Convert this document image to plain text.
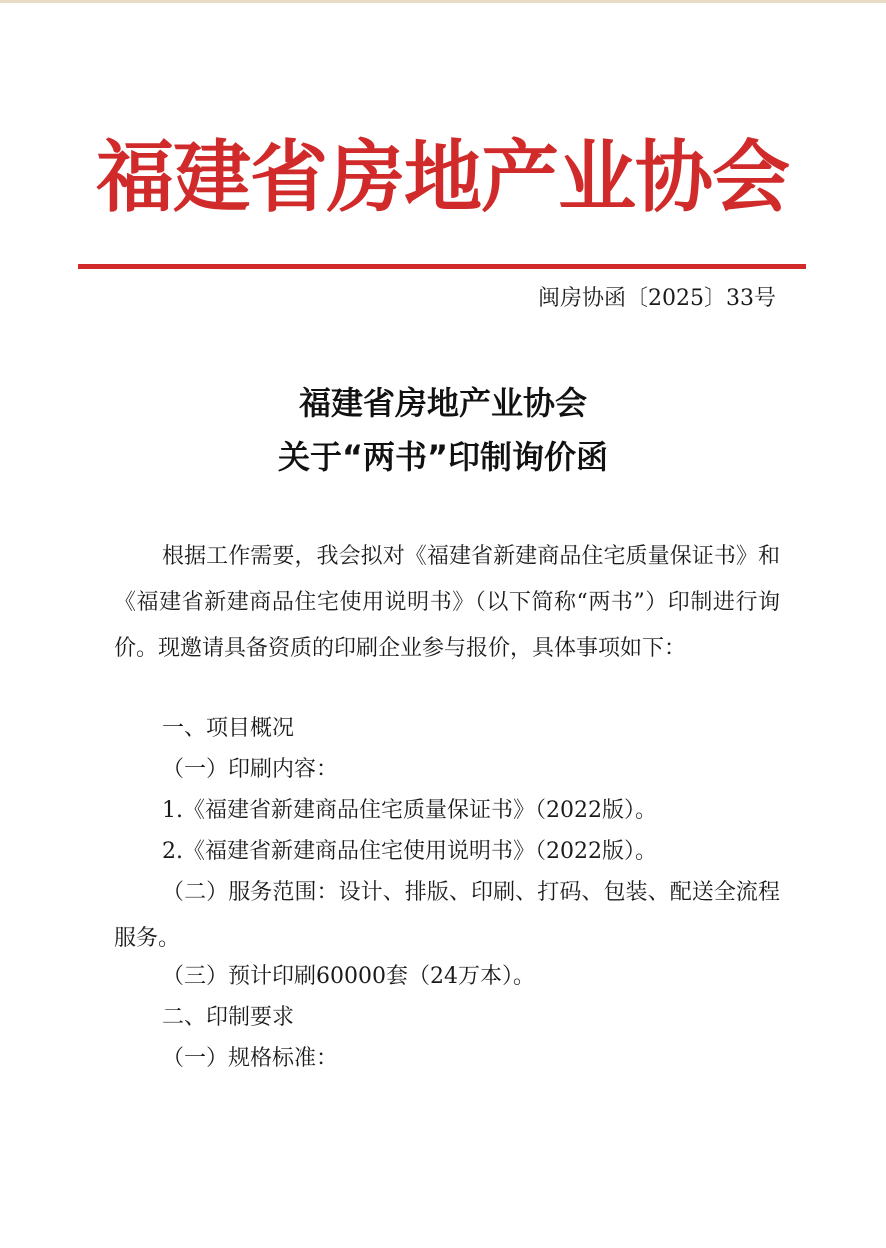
福建省房地产业协会
闽房协函〔2025〕33号
福建省房地产业协会
关于“两书”印制询价函
根据工作需要，我会拟对《福建省新建商品住宅质量保证书》和《福建省新建商品住宅使用说明书》（以下简称“两书”）印制进行询价。现邀请具备资质的印刷企业参与报价，具体事项如下：
一、项目概况
（一）印刷内容：
1.《福建省新建商品住宅质量保证书》（2022版）。
2.《福建省新建商品住宅使用说明书》（2022版）。
（二）服务范围：设计、排版、印刷、打码、包装、配送全流程服务。
（三）预计印刷60000套（24万本）。
二、印制要求
（一）规格标准：
